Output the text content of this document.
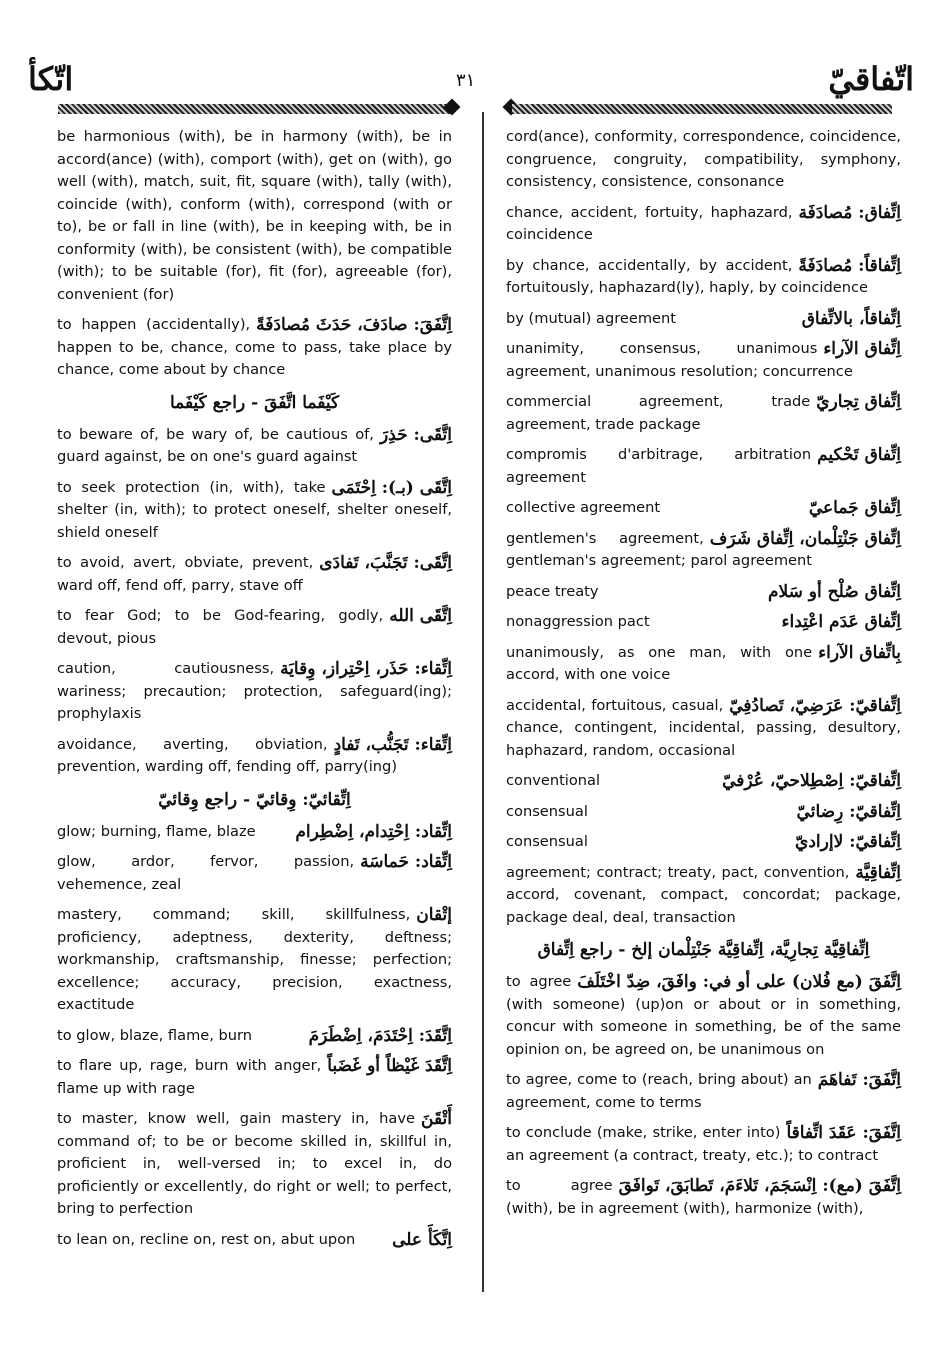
اتّكأ	٣١	اتّفاقيّ
be harmonious (with), be in harmony (with), be in accord(ance) (with), comport (with), get on (with), go well (with), match, suit, fit, square (with), tally (with), coincide (with), conform (with), correspond (with or to), be or fall in line (with), be in keeping with, be in conformity (with), be consistent (with), be compatible (with); to be suitable (for), fit (for), agreeable (for), convenient (for)
اِتَّفَقَ: صادَفَ، حَدَثَ مُصادَفَةً
to happen (accidentally), happen to be, chance, come to pass, take place by chance, come about by chance
كَيْفَما اتَّفَقَ - راجع كَيْفَما
اِتَّقَى: حَذِرَ
to beware of, be wary of, be cautious of, guard against, be on one's guard against
اِتَّقَى (بـ): اِحْتَمَى
to seek protection (in, with), take shelter (in, with); to protect oneself, shelter oneself, shield oneself
اِتَّقَى: تَجَنَّبَ، تَفادَى
to avoid, avert, obviate, prevent, ward off, fend off, parry, stave off
اِتَّقَى الله
to fear God; to be God-fearing, godly, devout, pious
اِتِّقاء: حَذَر، اِحْتِراز، وِقايَة
caution, cautiousness, wariness; precaution; protection, safeguard(ing); prophylaxis
اِتِّقاء: تَجَنُّب، تَفادٍ
avoidance, averting, obviation, prevention, warding off, fending off, parry(ing)
اِتِّقائيّ: وِقائيّ - راجع وِقائيّ
اِتِّقاد: اِحْتِدام، اِضْطِرام
glow; burning, flame, blaze
اِتِّقاد: حَماسَة
glow, ardor, fervor, passion, vehemence, zeal
إتْقان
mastery, command; skill, skillfulness, proficiency, adeptness, dexterity, deftness; workmanship, craftsmanship, finesse; perfection; excellence; accuracy, precision, exactness, exactitude
اِتَّقَدَ: اِحْتَدَمَ، اِضْطَرَمَ
to glow, blaze, flame, burn
اِتَّقَدَ غَيْظاً أو غَضَباً
to flare up, rage, burn with anger, flame up with rage
أَتْقَنَ
to master, know well, gain mastery in, have command of; to be or become skilled in, skillful in, proficient in, well-versed in; to excel in, do proficiently or excellently, do right or well; to perfect, bring to perfection
اِتَّكَأَ على
to lean on, recline on, rest on, abut upon
cord(ance), conformity, correspondence, coincidence, congruence, congruity, compatibility, symphony, consistency, consistence, consonance
اِتِّفاق: مُصادَفَة
chance, accident, fortuity, haphazard, coincidence
اِتِّفاقاً: مُصادَفَةً
by chance, accidentally, by accident, fortuitously, haphazard(ly), haply, by coincidence
اِتِّفاقاً، بالاتِّفاق
by (mutual) agreement
اِتِّفاق الآراء
unanimity, consensus, unanimous agreement, unanimous resolution; concurrence
اِتِّفاق تِجاريّ
commercial agreement, trade agreement, trade package
اِتِّفاق تَحْكيم
compromis d'arbitrage, arbitration agreement
اِتِّفاق جَماعيّ
collective agreement
اِتِّفاق جَنْتِلْمان، اِتِّفاق شَرَف
gentlemen's agreement, gentleman's agreement; parol agreement
اِتِّفاق صُلْح أو سَلام
peace treaty
اِتِّفاق عَدَم اعْتِداء
nonaggression pact
بِاتِّفاق الآراء
unanimously, as one man, with one accord, with one voice
اِتِّفاقيّ: عَرَضِيّ، تَصادُفِيّ
accidental, fortuitous, casual, chance, contingent, incidental, passing, desultory, haphazard, random, occasional
اِتِّفاقيّ: اِصْطِلاحيّ، عُرْفيّ
conventional
اِتِّفاقيّ: رِضائيّ
consensual
اِتِّفاقيّ: لاإراديّ
consensual
اِتِّفاقِيَّة
agreement; contract; treaty, pact, convention, accord, covenant, compact, concordat; package, package deal, deal, transaction
اِتِّفاقِيَّة تِجارِيَّة، اِتِّفاقِيَّة جَنْتِلْمان إلخ - راجع اِتِّفاق
اِتَّفَقَ (مع فُلان) على أو في: وافَقَ، ضِدّ اخْتَلَفَ
to agree (with someone) (up)on or about or in something, concur with someone in something, be of the same opinion on, be agreed on, be unanimous on
اِتَّفَقَ: تَفاهَمَ
to agree, come to (reach, bring about) an agreement, come to terms
اِتَّفَقَ: عَقَدَ اتِّفاقاً
to conclude (make, strike, enter into) an agreement (a contract, treaty, etc.); to contract
اِتَّفَقَ (مع): اِنْسَجَمَ، تَلاءَمَ، تَطابَقَ، تَوافَقَ
to agree (with), be in agreement (with), harmonize (with),
